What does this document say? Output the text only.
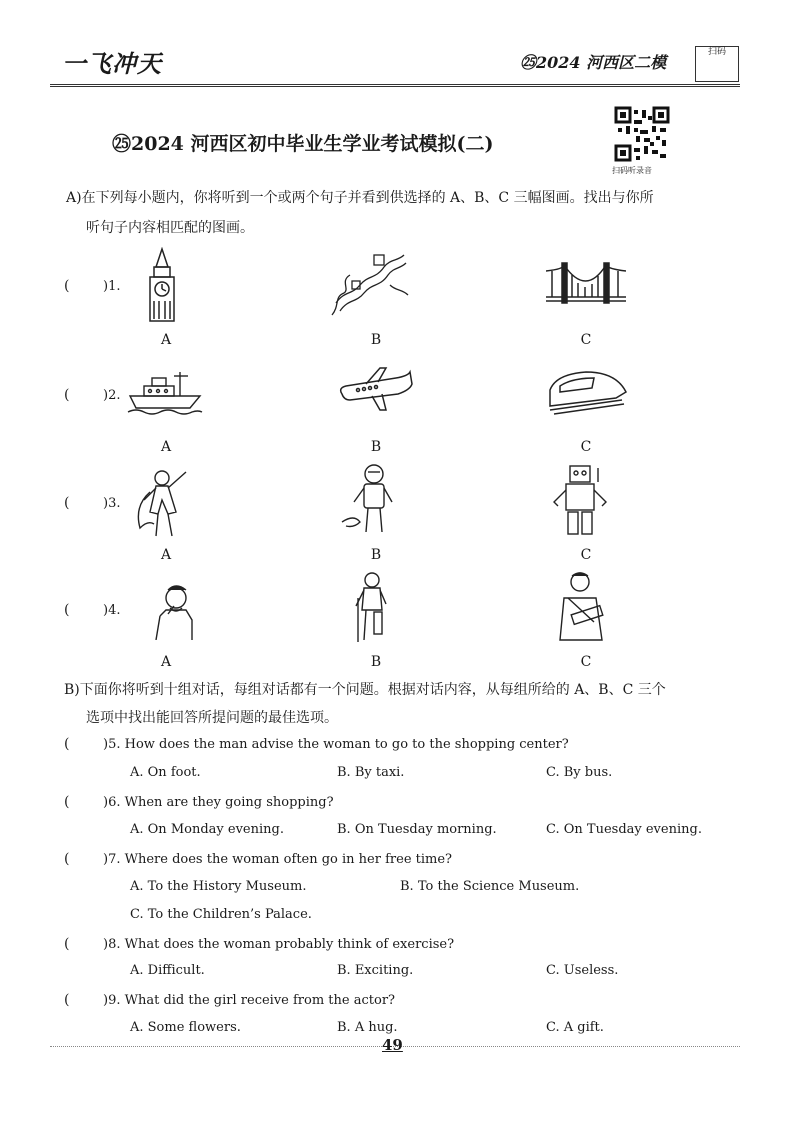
一飞冲天	㉕2024 河西区二模
扫码
㉕2024 河西区初中毕业生学业考试模拟(二)
扫码听录音
A)在下列每小题内，你将听到一个或两个句子并看到供选择的 A、B、C 三幅图画。找出与你所
听句子内容相匹配的图画。
(	)1.
A	B	C
(	)2.
A	B	C
(	)3.
A	B	C
(	)4.
A	B	C
B)下面你将听到十组对话，每组对话都有一个问题。根据对话内容，从每组所给的 A、B、C 三个
选项中找出能回答所提问题的最佳选项。
(	)5. How does the man advise the woman to go to the shopping center?
A. On foot.	B. By taxi.	C. By bus.
(	)6. When are they going shopping?
A. On Monday evening.	B. On Tuesday morning.	C. On Tuesday evening.
(	)7. Where does the woman often go in her free time?
A. To the History Museum.	B. To the Science Museum.
C. To the Children’s Palace.
(	)8. What does the woman probably think of exercise?
A. Difficult.	B. Exciting.	C. Useless.
(	)9. What did the girl receive from the actor?
A. Some flowers.	B. A hug.	C. A gift.
49
